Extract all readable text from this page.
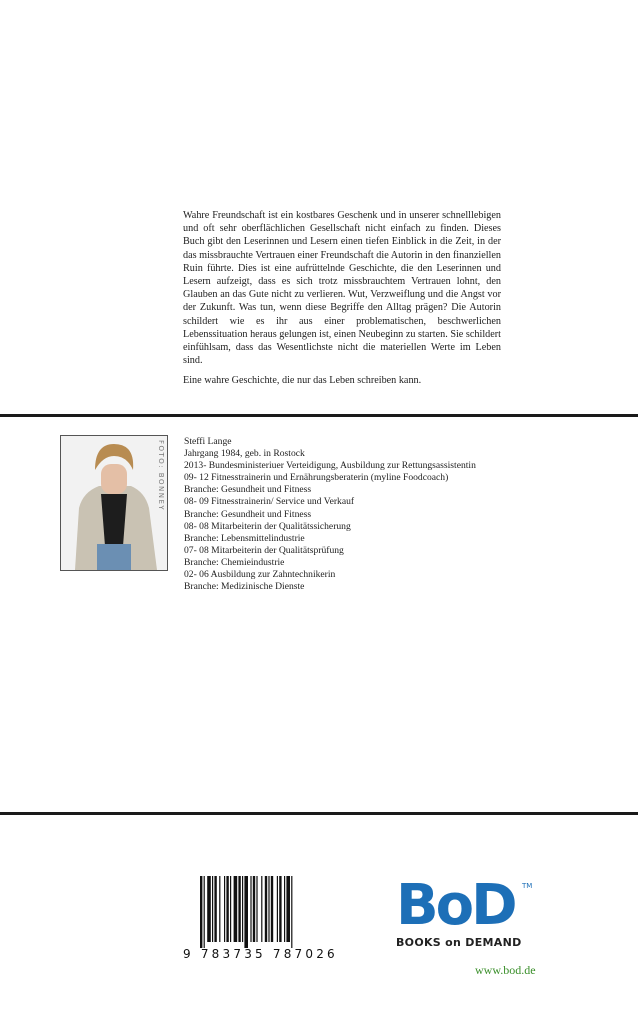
Wahre Freundschaft ist ein kostbares Geschenk und in unserer schnelllebigen und oft sehr oberflächlichen Gesellschaft nicht einfach zu finden. Dieses Buch gibt den Leserinnen und Lesern einen tiefen Einblick in die Zeit, in der das missbrauchte Vertrauen einer Freundschaft die Autorin in den finanziellen Ruin führte. Dies ist eine aufrüttelnde Geschichte, die den Leserinnen und Lesern aufzeigt, dass es sich trotz missbrauchtem Vertrauen lohnt, den Glauben an das Gute nicht zu verlieren. Wut, Verzweiflung und die Angst vor der Zukunft. Was tun, wenn diese Begriffe den Alltag prägen? Die Autorin schildert wie es ihr aus einer problematischen, beschwerlichen Lebenssituation heraus gelungen ist, einen Neubeginn zu starten. Sie schildert einfühlsam, dass das Wesentlichste nicht die materiellen Werte im Leben sind.

Eine wahre Geschichte, die nur das Leben schreiben kann.

FOTO: BONNEY Steffi Lange
Jahrgang 1984, geb. in Rostock
2013- Bundesministeriuer Verteidigung, Ausbildung zur Rettungsassistentin
09- 12 Fitnesstrainerin und Ernährungsberaterin (myline Foodcoach)
Branche: Gesundheit und Fitness
08- 09 Fitnesstrainerin/ Service und Verkauf
Branche: Gesundheit und Fitness
08- 08 Mitarbeiterin der Qualitätssicherung
Branche: Lebensmittelindustrie
07- 08 Mitarbeiterin der Qualitätsprüfung
Branche: Chemieindustrie
02- 06 Ausbildung zur Zahntechnikerin
Branche: Medizinische Dienste
9 783735 787026
BoD	TM
BOOKS on DEMAND
www.bod.de
